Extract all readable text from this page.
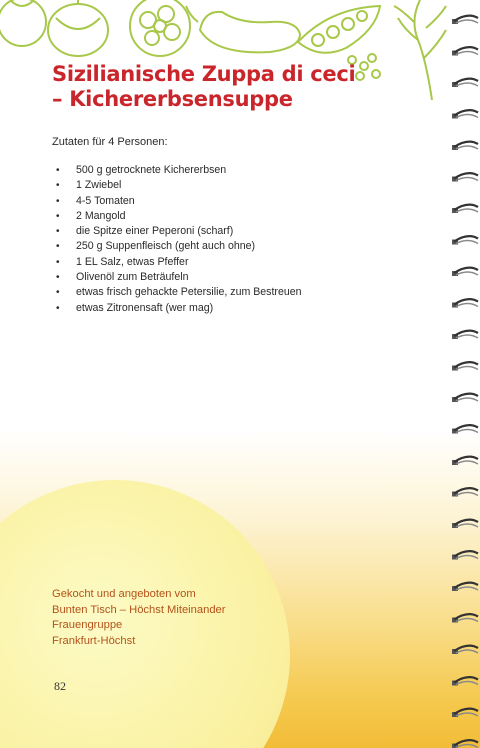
Sizilianische Zuppa di ceci
– Kichererbsensuppe
Zutaten für 4 Personen:
• 500 g getrocknete Kichererbsen
• 1 Zwiebel
• 4-5 Tomaten
• 2 Mangold
• die Spitze einer Peperoni (scharf)
• 250 g Suppenfleisch (geht auch ohne)
• 1 EL Salz, etwas Pfeffer
• Olivenöl zum Beträufeln
• etwas frisch gehackte Petersilie, zum Bestreuen
• etwas Zitronensaft (wer mag)
Gekocht und angeboten vom
Bunten Tisch – Höchst Miteinander
Frauengruppe
Frankfurt-Höchst
82
